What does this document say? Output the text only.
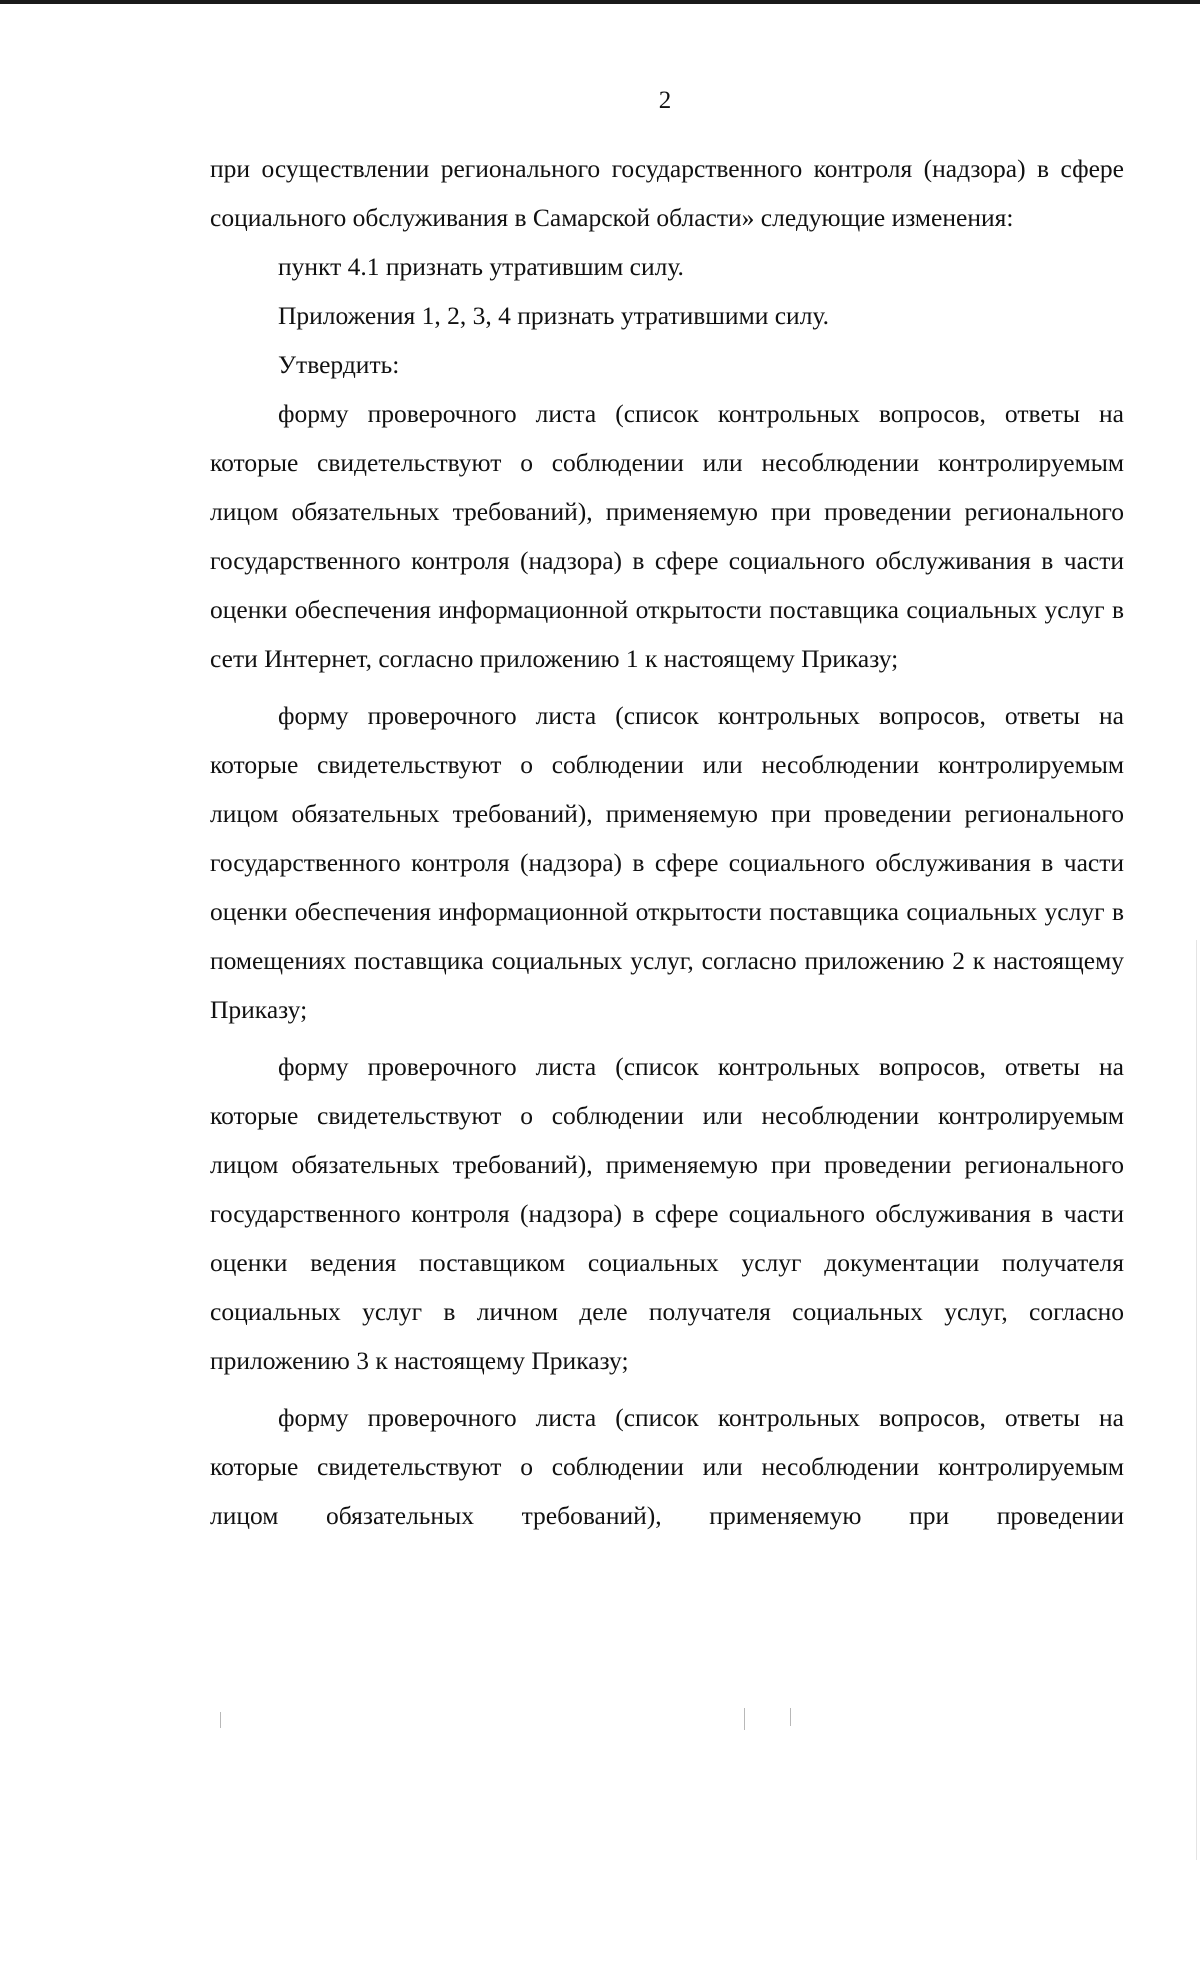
2

при осуществлении регионального государственного контроля (надзора) в сфере социального обслуживания в Самарской области» следующие изменения:

пункт 4.1 признать утратившим силу.

Приложения 1, 2, 3, 4 признать утратившими силу.

Утвердить:

форму проверочного листа (список контрольных вопросов, ответы на которые свидетельствуют о соблюдении или несоблюдении контролируемым лицом обязательных требований), применяемую при проведении регионального государственного контроля (надзора) в сфере социального обслуживания в части оценки обеспечения информационной открытости поставщика социальных услуг в сети Интернет, согласно приложению 1 к настоящему Приказу;

форму проверочного листа (список контрольных вопросов, ответы на которые свидетельствуют о соблюдении или несоблюдении контролируемым лицом обязательных требований), применяемую при проведении регионального государственного контроля (надзора) в сфере социального обслуживания в части оценки обеспечения информационной открытости поставщика социальных услуг в помещениях поставщика социальных услуг, согласно приложению 2 к настоящему Приказу;

форму проверочного листа (список контрольных вопросов, ответы на которые свидетельствуют о соблюдении или несоблюдении контролируемым лицом обязательных требований), применяемую при проведении регионального государственного контроля (надзора) в сфере социального обслуживания в части оценки ведения поставщиком социальных услуг документации получателя социальных услуг в личном деле получателя социальных услуг, согласно приложению 3 к настоящему Приказу;

форму проверочного листа (список контрольных вопросов, ответы на которые свидетельствуют о соблюдении или несоблюдении контролируемым лицом обязательных требований), применяемую при проведении
